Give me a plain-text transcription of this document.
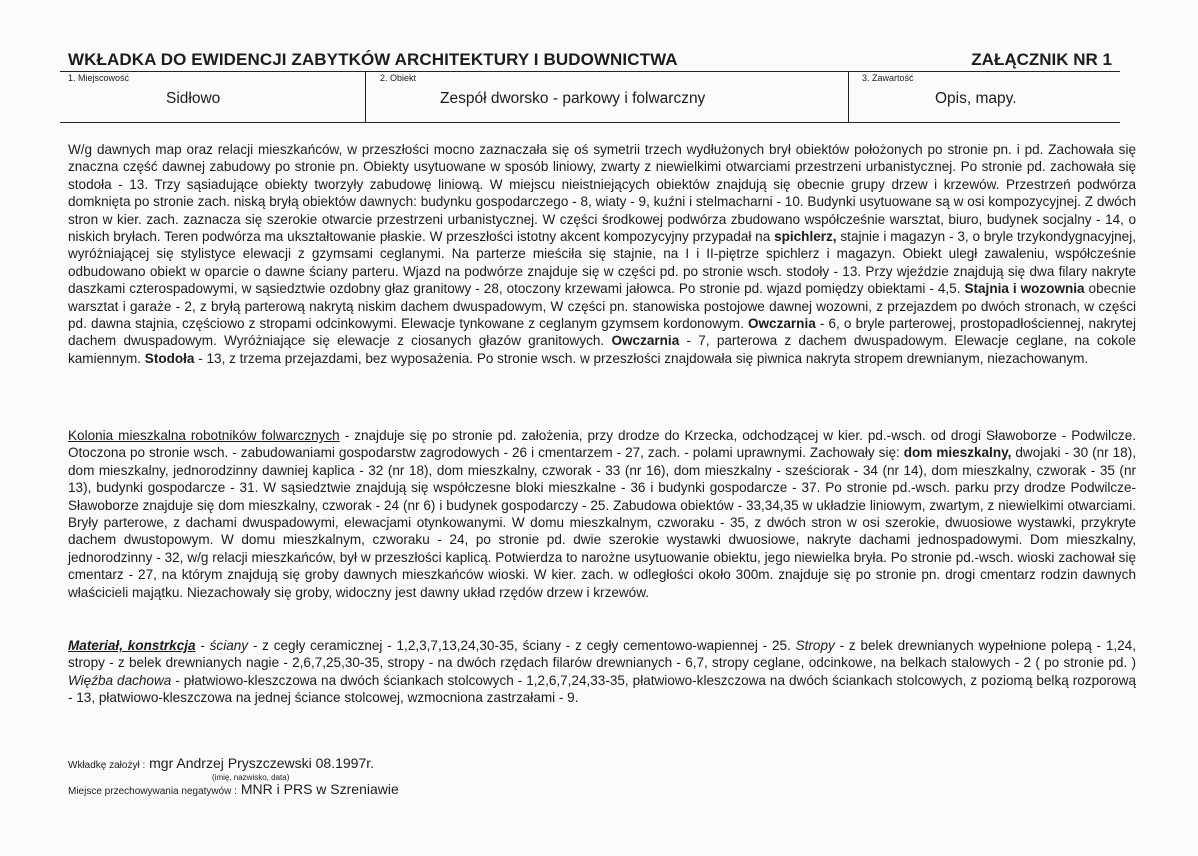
WKŁADKA DO EWIDENCJI ZABYTKÓW ARCHITEKTURY I BUDOWNICTWA	ZAŁĄCZNIK NR 1
1. Miejscowość
Sidłowo
2. Obiekt
Zespół dworsko - parkowy i folwarczny
3. Zawartość
Opis, mapy.
W/g dawnych map oraz relacji mieszkańców, w przeszłości mocno zaznaczała się oś symetrii trzech wydłużonych brył obiektów położonych po stronie pn. i pd. Zachowała się znaczna część dawnej zabudowy po stronie pn. Obiekty usytuowane w sposób liniowy, zwarty z niewielkimi otwarciami przestrzeni urbanistycznej. Po stronie pd. zachowała się stodoła - 13. Trzy sąsiadujące obiekty tworzyły zabudowę liniową. W miejscu nieistniejących obiektów znajdują się obecnie grupy drzew i krzewów. Przestrzeń podwórza domknięta po stronie zach. niską bryłą obiektów dawnych: budynku gospodarczego - 8, wiaty - 9, kuźni i stelmacharni - 10. Budynki usytuowane są w osi kompozycyjnej. Z dwóch stron w kier. zach. zaznacza się szerokie otwarcie przestrzeni urbanistycznej. W części środkowej podwórza zbudowano współcześnie warsztat, biuro, budynek socjalny - 14, o niskich bryłach. Teren podwórza ma ukształtowanie płaskie. W przeszłości istotny akcent kompozycyjny przypadał na spichlerz, stajnie i magazyn - 3, o bryle trzykondygnacyjnej, wyróżniającej się stylistyce elewacji z gzymsami ceglanymi. Na parterze mieściła się stajnie, na I i II-piętrze spichlerz i magazyn. Obiekt uległ zawaleniu, współcześnie odbudowano obiekt w oparcie o dawne ściany parteru. Wjazd na podwórze znajduje się w części pd. po stronie wsch. stodoły - 13. Przy wjeździe znajdują się dwa filary nakryte daszkami czterospadowymi, w sąsiedztwie ozdobny głaz granitowy - 28, otoczony krzewami jałowca. Po stronie pd. wjazd pomiędzy obiektami - 4,5. Stajnia i wozownia obecnie warsztat i garaże - 2, z bryłą parterową nakrytą niskim dachem dwuspadowym, W części pn. stanowiska postojowe dawnej wozowni, z przejazdem po dwóch stronach, w części pd. dawna stajnia, częściowo z stropami odcinkowymi. Elewacje tynkowane z ceglanym gzymsem kordonowym. Owczarnia - 6, o bryle parterowej, prostopadłościennej, nakrytej dachem dwuspadowym. Wyróżniające się elewacje z ciosanych głazów granitowych. Owczarnia - 7, parterowa z dachem dwuspadowym. Elewacje ceglane, na cokole kamiennym. Stodoła - 13, z trzema przejazdami, bez wyposażenia. Po stronie wsch. w przeszłości znajdowała się piwnica nakryta stropem drewnianym, niezachowanym.
Kolonia mieszkalna robotników folwarcznych - znajduje się po stronie pd. założenia, przy drodze do Krzecka, odchodzącej w kier. pd.-wsch. od drogi Sławoborze - Podwilcze. Otoczona po stronie wsch. - zabudowaniami gospodarstw zagrodowych - 26 i cmentarzem - 27, zach. - polami uprawnymi. Zachowały się: dom mieszkalny, dwojaki - 30 (nr 18), dom mieszkalny, jednorodzinny dawniej kaplica - 32 (nr 18), dom mieszkalny, czworak - 33 (nr 16), dom mieszkalny - sześciorak - 34 (nr 14), dom mieszkalny, czworak - 35 (nr 13), budynki gospodarcze - 31. W sąsiedztwie znajdują się współczesne bloki mieszkalne - 36 i budynki gospodarcze - 37. Po stronie pd.-wsch. parku przy drodze Podwilcze-Sławoborze znajduje się dom mieszkalny, czworak - 24 (nr 6) i budynek gospodarczy - 25. Zabudowa obiektów - 33,34,35 w układzie liniowym, zwartym, z niewielkimi otwarciami. Bryły parterowe, z dachami dwuspadowymi, elewacjami otynkowanymi. W domu mieszkalnym, czworaku - 35, z dwóch stron w osi szerokie, dwuosiowe wystawki, przykryte dachem dwustopowym. W domu mieszkalnym, czworaku - 24, po stronie pd. dwie szerokie wystawki dwuosiowe, nakryte dachami jednospadowymi. Dom mieszkalny, jednorodzinny - 32, w/g relacji mieszkańców, był w przeszłości kaplicą. Potwierdza to narożne usytuowanie obiektu, jego niewielka bryła. Po stronie pd.-wsch. wioski zachował się cmentarz - 27, na którym znajdują się groby dawnych mieszkańców wioski. W kier. zach. w odległości około 300m. znajduje się po stronie pn. drogi cmentarz rodzin dawnych właścicieli majątku. Niezachowały się groby, widoczny jest dawny układ rzędów drzew i krzewów.
Materiał, konstrkcja - ściany - z cegły ceramicznej - 1,2,3,7,13,24,30-35, ściany - z cegły cementowo-wapiennej - 25. Stropy - z belek drewnianych wypełnione polepą - 1,24, stropy - z belek drewnianych nagie - 2,6,7,25,30-35, stropy - na dwóch rzędach filarów drewnianych - 6,7, stropy ceglane, odcinkowe, na belkach stalowych - 2 ( po stronie pd. ) Więźba dachowa - płatwiowo-kleszczowa na dwóch ściankach stolcowych - 1,2,6,7,24,33-35, płatwiowo-kleszczowa na dwóch ściankach stolcowych, z poziomą belką rozporową - 13, płatwiowo-kleszczowa na jednej ściance stolcowej, wzmocniona zastrzałami - 9.
Wkładkę założył : mgr Andrzej Pryszczewski 08.1997r.
(imię, nazwisko, data)
Miejsce przechowywania negatywów : MNR i PRS w Szreniawie
